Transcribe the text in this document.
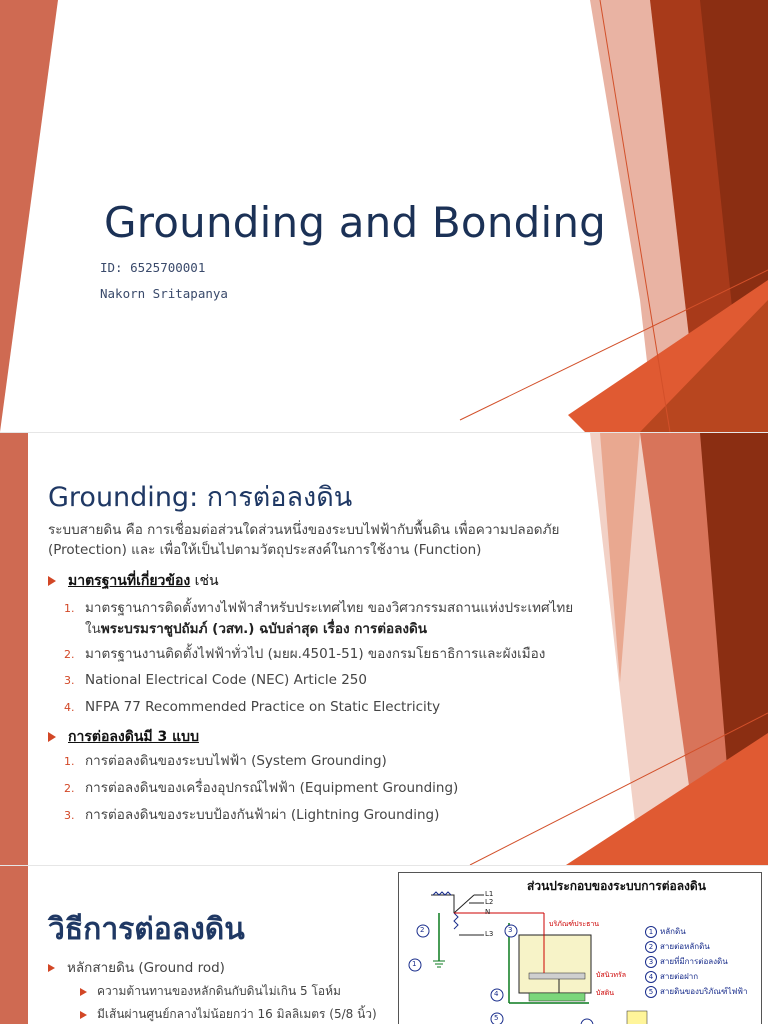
Grounding and Bonding
ID: 6525700001
Nakorn Sritapanya
Grounding: การต่อลงดิน
ระบบสายดิน คือ การเชื่อมต่อส่วนใดส่วนหนึ่งของระบบไฟฟ้ากับพื้นดิน เพื่อความปลอดภัย (Protection) และ เพื่อให้เป็นไปตามวัตถุประสงค์ในการใช้งาน (Function)
มาตรฐานที่เกี่ยวข้อง เช่น
1. มาตรฐานการติดตั้งทางไฟฟ้าสำหรับประเทศไทย ของวิศวกรรมสถานแห่งประเทศไทย
ในพระบรมราชูปถัมภ์ (วสท.) ฉบับล่าสุด เรื่อง การต่อลงดิน
2. มาตรฐานงานติดตั้งไฟฟ้าทั่วไป (มยผ.4501-51) ของกรมโยธาธิการและผังเมือง
3. National Electrical Code (NEC) Article 250
4. NFPA 77 Recommended Practice on Static Electricity
การต่อลงดินมี 3 แบบ
1. การต่อลงดินของระบบไฟฟ้า (System Grounding)
2. การต่อลงดินของเครื่องอุปกรณ์ไฟฟ้า (Equipment Grounding)
3. การต่อลงดินของระบบป้องกันฟ้าผ่า (Lightning Grounding)
วิธีการต่อลงดิน
หลักสายดิน (Ground rod)
ความต้านทานของหลักดินกับดินไม่เกิน 5 โอห์ม
มีเส้นผ่านศูนย์กลางไม่น้อยกว่า 16 มิลลิเมตร (5/8 นิ้ว)
ส่วนประกอบของระบบการต่อลงดิน
1
2	3
4
5
L1
L2
N
L3
บริภัณฑ์ประธาน
บัสนิวทรัล
บัสดิน
1 หลักดิน
2 สายต่อหลักดิน
3 สายที่มีการต่อลงดิน
4 สายต่อฝาก
5 สายดินของบริภัณฑ์ไฟฟ้า
